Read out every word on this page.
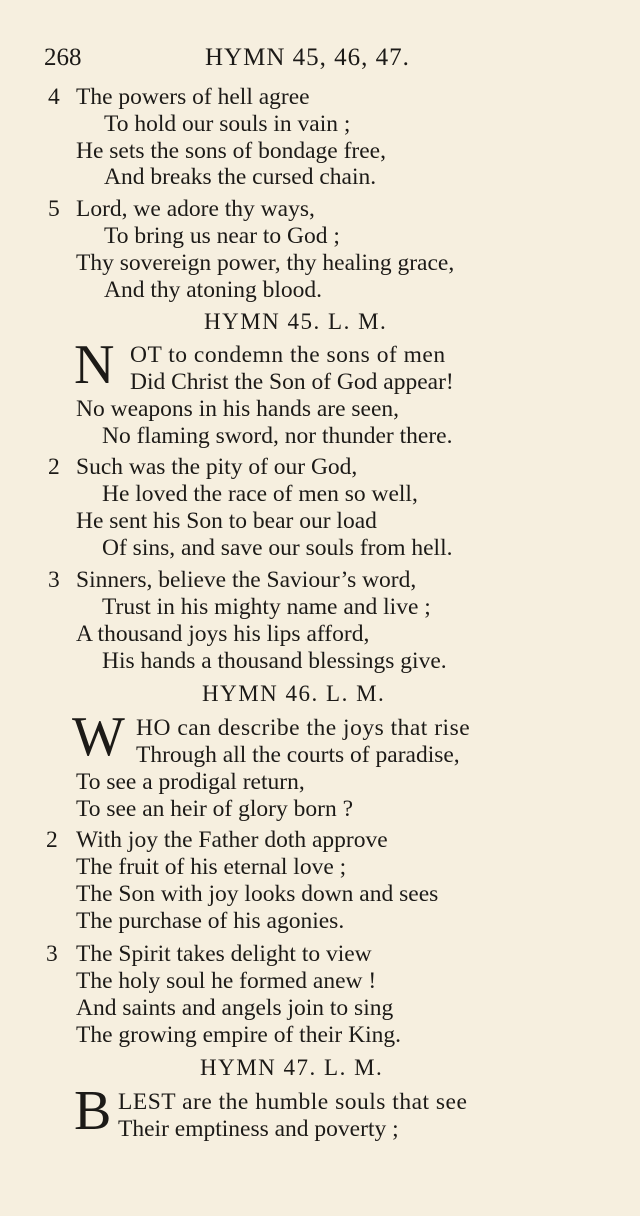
268	HYMN 45, 46, 47.
4 The powers of hell agree
To hold our souls in vain ;
He sets the sons of bondage free,
And breaks the cursed chain.
5 Lord, we adore thy ways,
To bring us near to God ;
Thy sovereign power, thy healing grace,
And thy atoning blood.
HYMN 45. L. M.
N OT to condemn the sons of men
Did Christ the Son of God appear!
No weapons in his hands are seen,
No flaming sword, nor thunder there.
2 Such was the pity of our God,
He loved the race of men so well,
He sent his Son to bear our load
Of sins, and save our souls from hell.
3 Sinners, believe the Saviour’s word,
Trust in his mighty name and live ;
A thousand joys his lips afford,
His hands a thousand blessings give.
HYMN 46. L. M.
W HO can describe the joys that rise
Through all the courts of paradise,
To see a prodigal return,
To see an heir of glory born ?
2 With joy the Father doth approve
The fruit of his eternal love ;
The Son with joy looks down and sees
The purchase of his agonies.
3 The Spirit takes delight to view
The holy soul he formed anew !
And saints and angels join to sing
The growing empire of their King.
HYMN 47. L. M.
B LEST are the humble souls that see
Their emptiness and poverty ;
